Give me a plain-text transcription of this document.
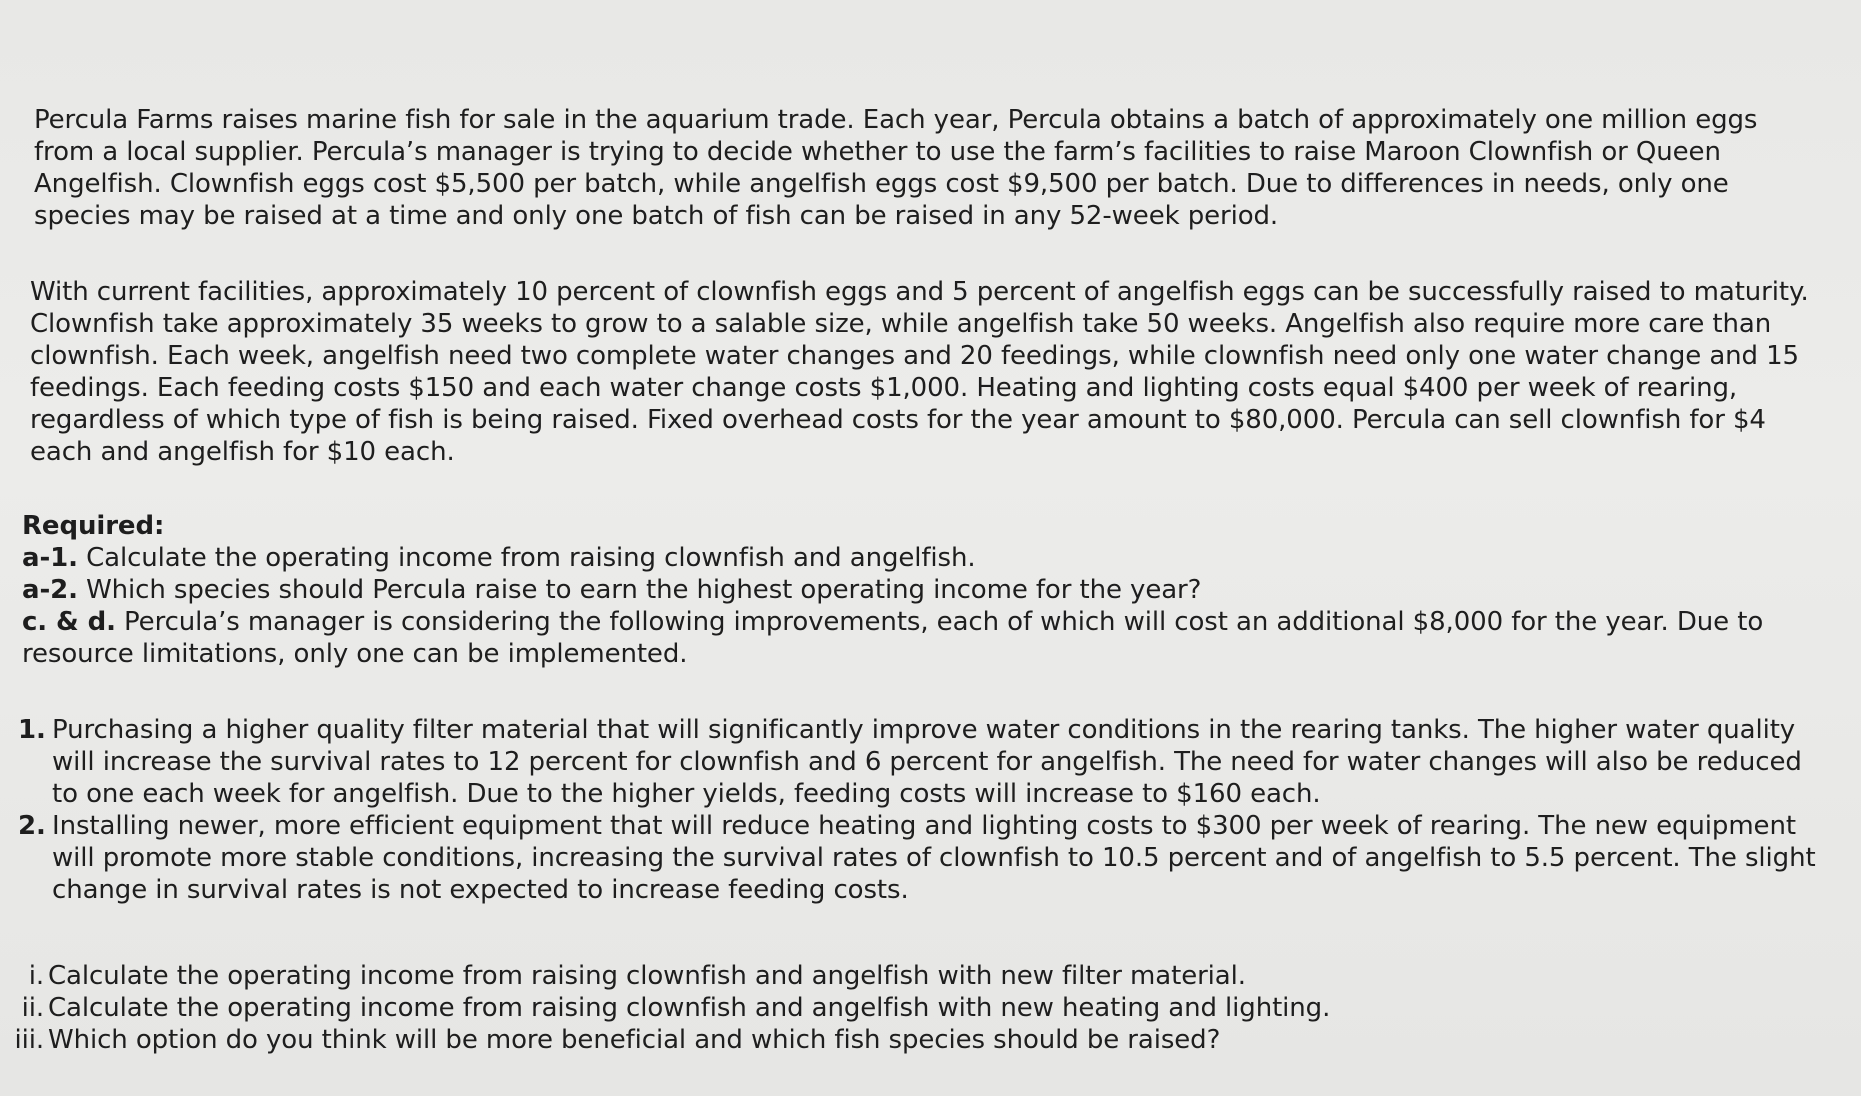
Percula Farms raises marine fish for sale in the aquarium trade. Each year, Percula obtains a batch of approximately one million eggs from a local supplier. Percula’s manager is trying to decide whether to use the farm’s facilities to raise Maroon Clownfish or Queen Angelfish. Clownfish eggs cost $5,500 per batch, while angelfish eggs cost $9,500 per batch. Due to differences in needs, only one species may be raised at a time and only one batch of fish can be raised in any 52-week period.

With current facilities, approximately 10 percent of clownfish eggs and 5 percent of angelfish eggs can be successfully raised to maturity. Clownfish take approximately 35 weeks to grow to a salable size, while angelfish take 50 weeks. Angelfish also require more care than clownfish. Each week, angelfish need two complete water changes and 20 feedings, while clownfish need only one water change and 15 feedings. Each feeding costs $150 and each water change costs $1,000. Heating and lighting costs equal $400 per week of rearing, regardless of which type of fish is being raised. Fixed overhead costs for the year amount to $80,000. Percula can sell clownfish for $4 each and angelfish for $10 each.

Required:

a-1. Calculate the operating income from raising clownfish and angelfish.

a-2. Which species should Percula raise to earn the highest operating income for the year?

c. & d. Percula’s manager is considering the following improvements, each of which will cost an additional $8,000 for the year. Due to resource limitations, only one can be implemented.

1. Purchasing a higher quality filter material that will significantly improve water conditions in the rearing tanks. The higher water quality will increase the survival rates to 12 percent for clownfish and 6 percent for angelfish. The need for water changes will also be reduced to one each week for angelfish. Due to the higher yields, feeding costs will increase to $160 each.
2. Installing newer, more efficient equipment that will reduce heating and lighting costs to $300 per week of rearing. The new equipment will promote more stable conditions, increasing the survival rates of clownfish to 10.5 percent and of angelfish to 5.5 percent. The slight change in survival rates is not expected to increase feeding costs.
i. Calculate the operating income from raising clownfish and angelfish with new filter material.
ii. Calculate the operating income from raising clownfish and angelfish with new heating and lighting.
iii. Which option do you think will be more beneficial and which fish species should be raised?
